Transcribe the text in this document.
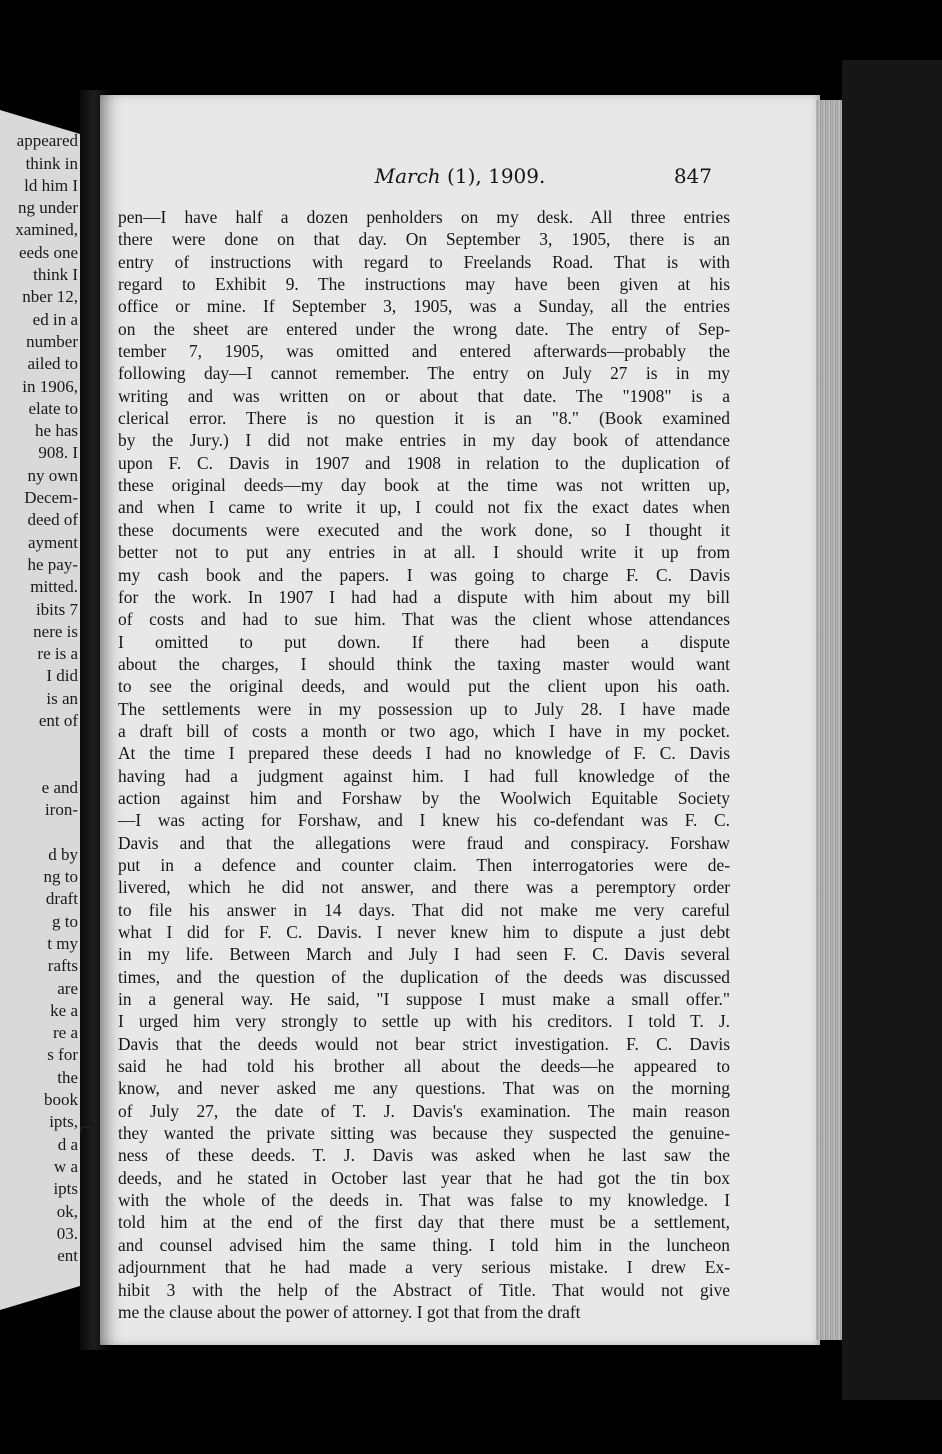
appeared
think in
ld him I
ng under
xamined,
eeds one
think I
nber 12,
ed in a
number
ailed to
in 1906,
elate to
he has
908. I
ny own
Decem-
deed of
ayment
he pay-
mitted.
ibits 7
nere is
re is a
I did
is an
ent of
e and
iron-
d by
ng to
draft
g to
t my
rafts
are
ke a
re a
s for
the
book
ipts,
d a
w a
ipts
ok,
03.
ent
March (1), 1909.	847
⌐
pen—I have half a dozen penholders on my desk. All three entries
there were done on that day. On September 3, 1905, there is an
entry of instructions with regard to Freelands Road. That is with
regard to Exhibit 9. The instructions may have been given at his
office or mine. If September 3, 1905, was a Sunday, all the entries
on the sheet are entered under the wrong date. The entry of Sep-
tember 7, 1905, was omitted and entered afterwards—probably the
following day—I cannot remember. The entry on July 27 is in my
writing and was written on or about that date. The "1908" is a
clerical error. There is no question it is an "8." (Book examined
by the Jury.) I did not make entries in my day book of attendance
upon F. C. Davis in 1907 and 1908 in relation to the duplication of
these original deeds—my day book at the time was not written up,
and when I came to write it up, I could not fix the exact dates when
these documents were executed and the work done, so I thought it
better not to put any entries in at all. I should write it up from
my cash book and the papers. I was going to charge F. C. Davis
for the work. In 1907 I had had a dispute with him about my bill
of costs and had to sue him. That was the client whose attendances
I omitted to put down. If there had been a dispute
about the charges, I should think the taxing master would want
to see the original deeds, and would put the client upon his oath.
The settlements were in my possession up to July 28. I have made
a draft bill of costs a month or two ago, which I have in my pocket.
At the time I prepared these deeds I had no knowledge of F. C. Davis
having had a judgment against him. I had full knowledge of the
action against him and Forshaw by the Woolwich Equitable Society
—I was acting for Forshaw, and I knew his co-defendant was F. C.
Davis and that the allegations were fraud and conspiracy. Forshaw
put in a defence and counter claim. Then interrogatories were de-
livered, which he did not answer, and there was a peremptory order
to file his answer in 14 days. That did not make me very careful
what I did for F. C. Davis. I never knew him to dispute a just debt
in my life. Between March and July I had seen F. C. Davis several
times, and the question of the duplication of the deeds was discussed
in a general way. He said, "I suppose I must make a small offer."
I urged him very strongly to settle up with his creditors. I told T. J.
Davis that the deeds would not bear strict investigation. F. C. Davis
said he had told his brother all about the deeds—he appeared to
know, and never asked me any questions. That was on the morning
of July 27, the date of T. J. Davis's examination. The main reason
they wanted the private sitting was because they suspected the genuine-
ness of these deeds. T. J. Davis was asked when he last saw the
deeds, and he stated in October last year that he had got the tin box
with the whole of the deeds in. That was false to my knowledge. I
told him at the end of the first day that there must be a settlement,
and counsel advised him the same thing. I told him in the luncheon
adjournment that he had made a very serious mistake. I drew Ex-
hibit 3 with the help of the Abstract of Title. That would not give
me the clause about the power of attorney. I got that from the draft
